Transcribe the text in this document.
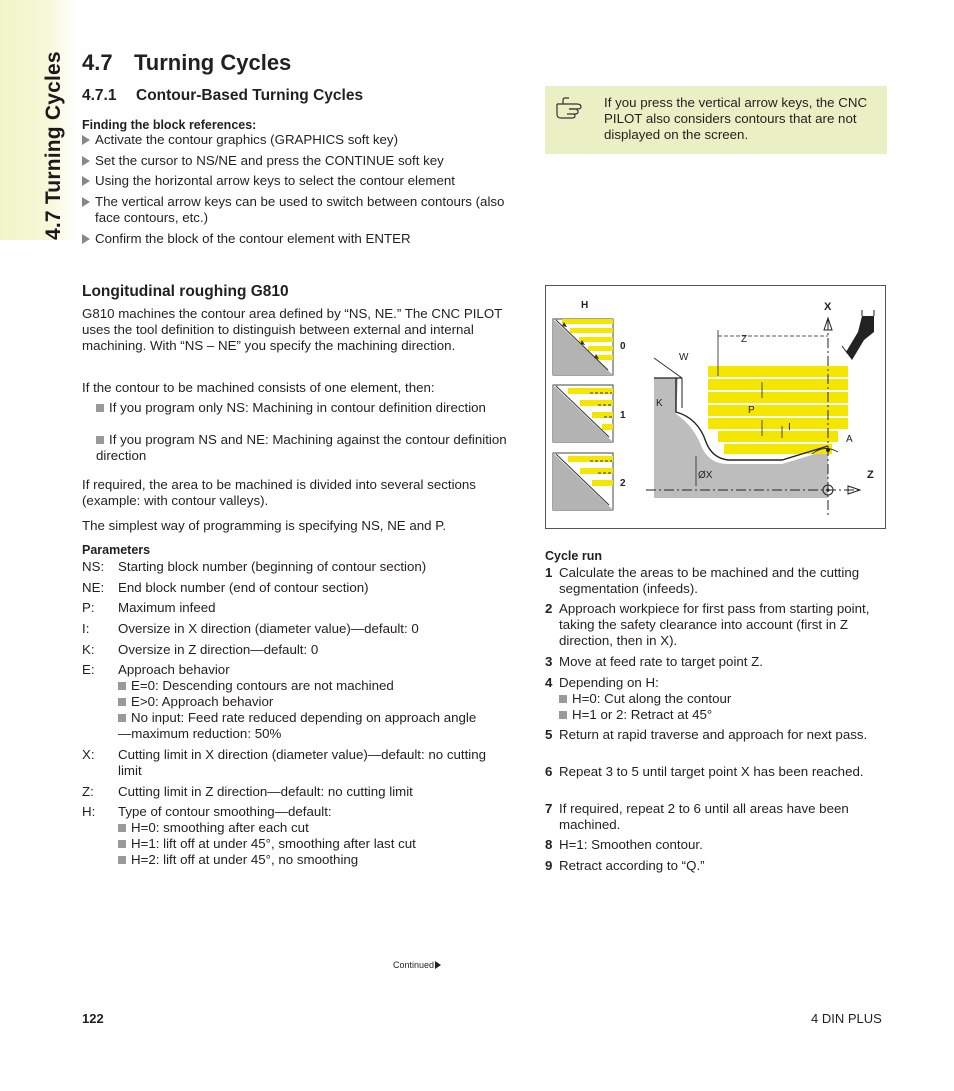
4.7 Turning Cycles 4.7 Turning Cycles
4.7.1 Contour-Based Turning Cycles
Finding the block references:
Activate the contour graphics (GRAPHICS soft key)
Set the cursor to NS/NE and press the CONTINUE soft key
Using the horizontal arrow keys to select the contour element
The vertical arrow keys can be used to switch between contours (also face contours, etc.)
Confirm the block of the contour element with ENTER
If you press the vertical arrow keys, the CNC PILOT also considers contours that are not displayed on the screen.
Longitudinal roughing G810
G810 machines the contour area defined by “NS, NE.” The CNC PILOT uses the tool definition to distinguish between external and internal machining. With “NS – NE” you specify the machining direction.
If the contour to be machined consists of one element, then:
If you program only NS: Machining in contour definition direction
If you program NS and NE: Machining against the contour definition direction
If required, the area to be machined is divided into several sections (example: with contour valleys).
The simplest way of programming is specifying NS, NE and P.
Parameters
NS: Starting block number (beginning of contour section)
NE: End block number (end of contour section)
P: Maximum infeed
I: Oversize in X direction (diameter value)—default: 0
K: Oversize in Z direction—default: 0
E: Approach behavior
E=0: Descending contours are not machined
E>0: Approach behavior
No input: Feed rate reduced depending on approach angle—maximum reduction: 50%
X: Cutting limit in X direction (diameter value)—default: no cutting limit
Z: Cutting limit in Z direction—default: no cutting limit
H: Type of contour smoothing—default:
H=0: smoothing after each cut
H=1: lift off at under 45°, smoothing after last cut
H=2: lift off at under 45°, no smoothing
H
0
1
2
X
Z
Z
W
K
P
I
A
ØX
Cycle run
1 Calculate the areas to be machined and the cutting segmentation (infeeds).
2 Approach workpiece for first pass from starting point, taking the safety clearance into account (first in Z direction, then in X).
3 Move at feed rate to target point Z.
4 Depending on H:
H=0: Cut along the contour
H=1 or 2: Retract at 45°
5 Return at rapid traverse and approach for next pass.
6 Repeat 3 to 5 until target point X has been reached.
7 If required, repeat 2 to 6 until all areas have been machined.
8 H=1: Smoothen contour.
9 Retract according to “Q.”
Continued
122	4 DIN PLUS
